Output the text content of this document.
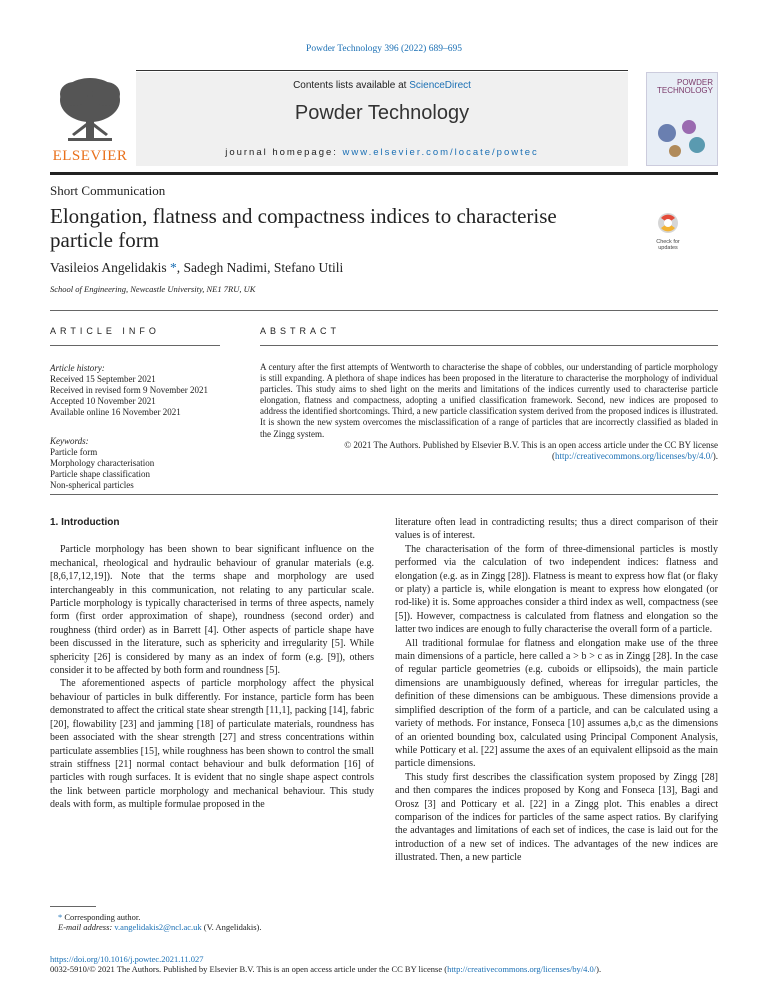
Powder Technology 396 (2022) 689–695
ELSEVIER
Contents lists available at ScienceDirect
Powder Technology
journal homepage: www.elsevier.com/locate/powtec
POWDER
TECHNOLOGY
Short Communication
Elongation, flatness and compactness indices to characterise
particle form	Check for
updates
Vasileios Angelidakis *, Sadegh Nadimi, Stefano Utili
School of Engineering, Newcastle University, NE1 7RU, UK
ARTICLE INFO	ABSTRACT
Article history:
Received 15 September 2021
Received in revised form 9 November 2021
Accepted 10 November 2021
Available online 16 November 2021
Keywords:
Particle form
Morphology characterisation
Particle shape classification
Non-spherical particles
A century after the first attempts of Wentworth to characterise the shape of cobbles, our understanding of particle morphology is still expanding. A plethora of shape indices has been proposed in the literature to characterise the morphology of individual particles. This study aims to shed light on the merits and limitations of the indices currently used to characterise particle elongation, flatness and compactness, adopting a unified classification framework. Second, new indices are proposed to address the identified shortcomings. Third, a new particle classification system derived from the proposed indices is illustrated. It is shown the new system overcomes the misclassification of a range of particles that are incorrectly classified as bladed in the Zingg system.
© 2021 The Authors. Published by Elsevier B.V. This is an open access article under the CC BY license (http://creativecommons.org/licenses/by/4.0/).
1. Introduction

Particle morphology has been shown to bear significant influence on the mechanical, rheological and hydraulic behaviour of granular materials (e.g. [8,6,17,12,19]). Note that the terms shape and morphology are used interchangeably in this communication, not relating to any particular scale. Particle morphology is typically characterised in terms of three aspects, namely form (first order approximation of shape), roundness (second order) and roughness (third order) as in Barrett [4]. Other aspects of particle shape have been discussed in the literature, such as sphericity and irregularity [5]. While sphericity [26] is considered by many as an index of form (e.g. [9]), others consider it to be affected by both form and roundness [5].

The aforementioned aspects of particle morphology affect the physical behaviour of particles in bulk differently. For instance, particle form has been demonstrated to affect the critical state shear strength [11,1], packing [14], fabric [20], flowability [23] and jamming [18] of particulate materials, roundness has been associated with the shear strength [27] and stress concentrations within particulate assemblies [15], while roughness has been shown to control the small strain stiffness [21] normal contact behaviour and bulk deformation [16] of particles with rough surfaces. It is evident that no single shape aspect controls the link between particle morphology and mechanical behaviour. This study deals with form, as multiple formulae proposed in the

* Corresponding author.
E-mail address: v.angelidakis2@ncl.ac.uk (V. Angelidakis).

literature often lead in contradicting results; thus a direct comparison of their values is of interest.

The characterisation of the form of three-dimensional particles is mostly performed via the calculation of two independent indices: flatness and elongation (e.g. as in Zingg [28]). Flatness is meant to express how flat (or flaky or platy) a particle is, while elongation is meant to express how elongated (or rod-like) it is. Some approaches consider a third index as well, compactness (see [5]). However, compactness is calculated from flatness and elongation so the latter two indices are enough to fully characterise the overall form of a particle.

All traditional formulae for flatness and elongation make use of the three main dimensions of a particle, here called a > b > c as in Zingg [28]. In the case of regular particle geometries (e.g. cuboids or ellipsoids), the main particle dimensions are unambiguously defined, whereas for irregular particles, the definition of these dimensions can be ambiguous. These dimensions provide a simplified description of the form of a particle, and can be calculated using a variety of methods. For instance, Fonseca [10] assumes a,b,c as the dimensions of an oriented bounding box, calculated using Principal Component Analysis, while Potticary et al. [22] assume the axes of an equivalent ellipsoid as the main particle dimensions.

This study first describes the classification system proposed by Zingg [28] and then compares the indices proposed by Kong and Fonseca [13], Bagi and Orosz [3] and Potticary et al. [22] in a Zingg plot. This enables a direct comparison of the indices for particles of the same aspect ratios. By clarifying the advantages and limitations of each set of indices, the case is laid out for the introduction of a new set of indices. The advantages of the new indices are illustrated. Then, a new particle

https://doi.org/10.1016/j.powtec.2021.11.027
0032-5910/© 2021 The Authors. Published by Elsevier B.V. This is an open access article under the CC BY license (http://creativecommons.org/licenses/by/4.0/).
